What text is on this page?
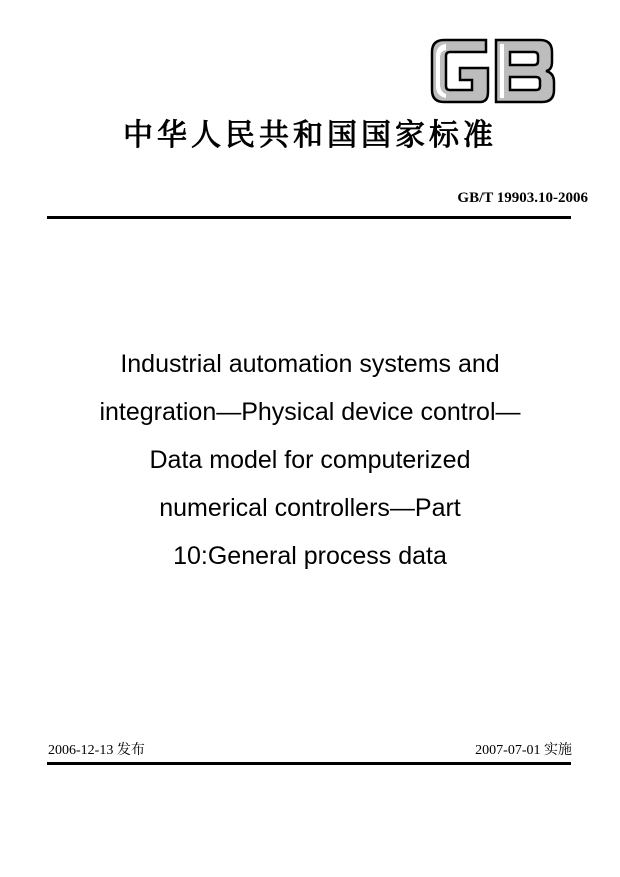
中华人民共和国国家标准
GB/T 19903.10-2006
Industrial automation systems and
integration—Physical device control—
Data model for computerized
numerical controllers—Part
10:General process data
2006-12-13 发布	2007-07-01 实施
